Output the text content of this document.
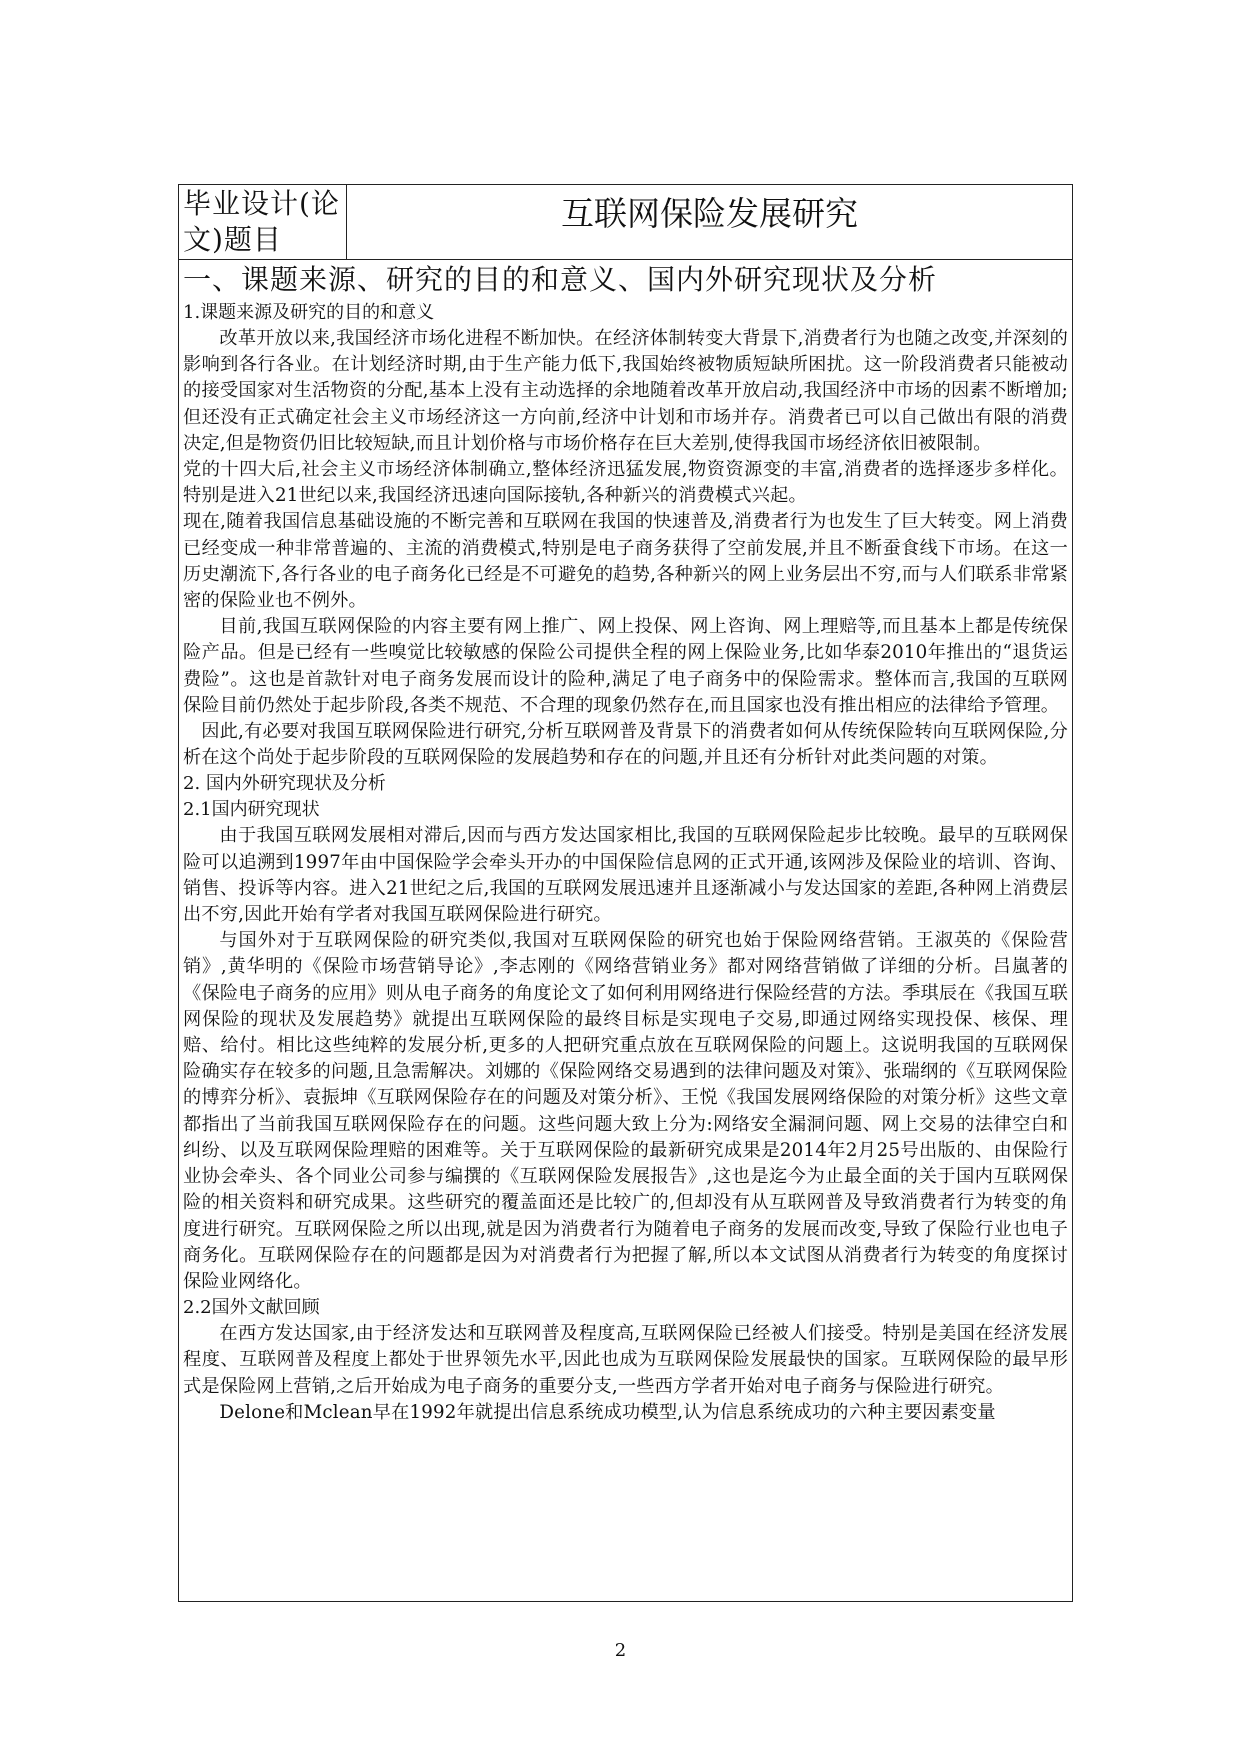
毕业设计(论文)题目
互联网保险发展研究

一、课题来源、研究的目的和意义、国内外研究现状及分析

1.课题来源及研究的目的和意义

改革开放以来,我国经济市场化进程不断加快。在经济体制转变大背景下,消费者行为也随之改变,并深刻的影响到各行各业。在计划经济时期,由于生产能力低下,我国始终被物质短缺所困扰。这一阶段消费者只能被动的接受国家对生活物资的分配,基本上没有主动选择的余地随着改革开放启动,我国经济中市场的因素不断增加;但还没有正式确定社会主义市场经济这一方向前,经济中计划和市场并存。消费者已可以自己做出有限的消费决定,但是物资仍旧比较短缺,而且计划价格与市场价格存在巨大差别,使得我国市场经济依旧被限制。

党的十四大后,社会主义市场经济体制确立,整体经济迅猛发展,物资资源变的丰富,消费者的选择逐步多样化。特别是进入21世纪以来,我国经济迅速向国际接轨,各种新兴的消费模式兴起。

现在,随着我国信息基础设施的不断完善和互联网在我国的快速普及,消费者行为也发生了巨大转变。网上消费已经变成一种非常普遍的、主流的消费模式,特别是电子商务获得了空前发展,并且不断蚕食线下市场。在这一历史潮流下,各行各业的电子商务化已经是不可避免的趋势,各种新兴的网上业务层出不穷,而与人们联系非常紧密的保险业也不例外。

目前,我国互联网保险的内容主要有网上推广、网上投保、网上咨询、网上理赔等,而且基本上都是传统保险产品。但是已经有一些嗅觉比较敏感的保险公司提供全程的网上保险业务,比如华泰2010年推出的“退货运费险”。这也是首款针对电子商务发展而设计的险种,满足了电子商务中的保险需求。整体而言,我国的互联网保险目前仍然处于起步阶段,各类不规范、不合理的现象仍然存在,而且国家也没有推出相应的法律给予管理。

因此,有必要对我国互联网保险进行研究,分析互联网普及背景下的消费者如何从传统保险转向互联网保险,分析在这个尚处于起步阶段的互联网保险的发展趋势和存在的问题,并且还有分析针对此类问题的对策。

2. 国内外研究现状及分析

2.1国内研究现状

由于我国互联网发展相对滞后,因而与西方发达国家相比,我国的互联网保险起步比较晚。最早的互联网保险可以追溯到1997年由中国保险学会牵头开办的中国保险信息网的正式开通,该网涉及保险业的培训、咨询、销售、投诉等内容。进入21世纪之后,我国的互联网发展迅速并且逐渐减小与发达国家的差距,各种网上消费层出不穷,因此开始有学者对我国互联网保险进行研究。

与国外对于互联网保险的研究类似,我国对互联网保险的研究也始于保险网络营销。王淑英的《保险营销》,黄华明的《保险市场营销导论》,李志刚的《网络营销业务》都对网络营销做了详细的分析。吕嵐著的《保险电子商务的应用》则从电子商务的角度论文了如何利用网络进行保险经营的方法。季琪辰在《我国互联网保险的现状及发展趋势》就提出互联网保险的最终目标是实现电子交易,即通过网络实现投保、核保、理赔、给付。相比这些纯粹的发展分析,更多的人把研究重点放在互联网保险的问题上。这说明我国的互联网保险确实存在较多的问题,且急需解决。刘娜的《保险网络交易遇到的法律问题及对策》、张瑞纲的《互联网保险的博弈分析》、袁振坤《互联网保险存在的问题及对策分析》、王悦《我国发展网络保险的对策分析》这些文章都指出了当前我国互联网保险存在的问题。这些问题大致上分为:网络安全漏洞问题、网上交易的法律空白和纠纷、以及互联网保险理赔的困难等。关于互联网保险的最新研究成果是2014年2月25号出版的、由保险行业协会牵头、各个同业公司参与编撰的《互联网保险发展报告》,这也是迄今为止最全面的关于国内互联网保险的相关资料和研究成果。这些研究的覆盖面还是比较广的,但却没有从互联网普及导致消费者行为转变的角度进行研究。互联网保险之所以出现,就是因为消费者行为随着电子商务的发展而改变,导致了保险行业也电子商务化。互联网保险存在的问题都是因为对消费者行为把握了解,所以本文试图从消费者行为转变的角度探讨保险业网络化。

2.2国外文献回顾

在西方发达国家,由于经济发达和互联网普及程度高,互联网保险已经被人们接受。特别是美国在经济发展程度、互联网普及程度上都处于世界领先水平,因此也成为互联网保险发展最快的国家。互联网保险的最早形式是保险网上营销,之后开始成为电子商务的重要分支,一些西方学者开始对电子商务与保险进行研究。

Delone和Mclean早在1992年就提出信息系统成功模型,认为信息系统成功的六种主要因素变量

2
